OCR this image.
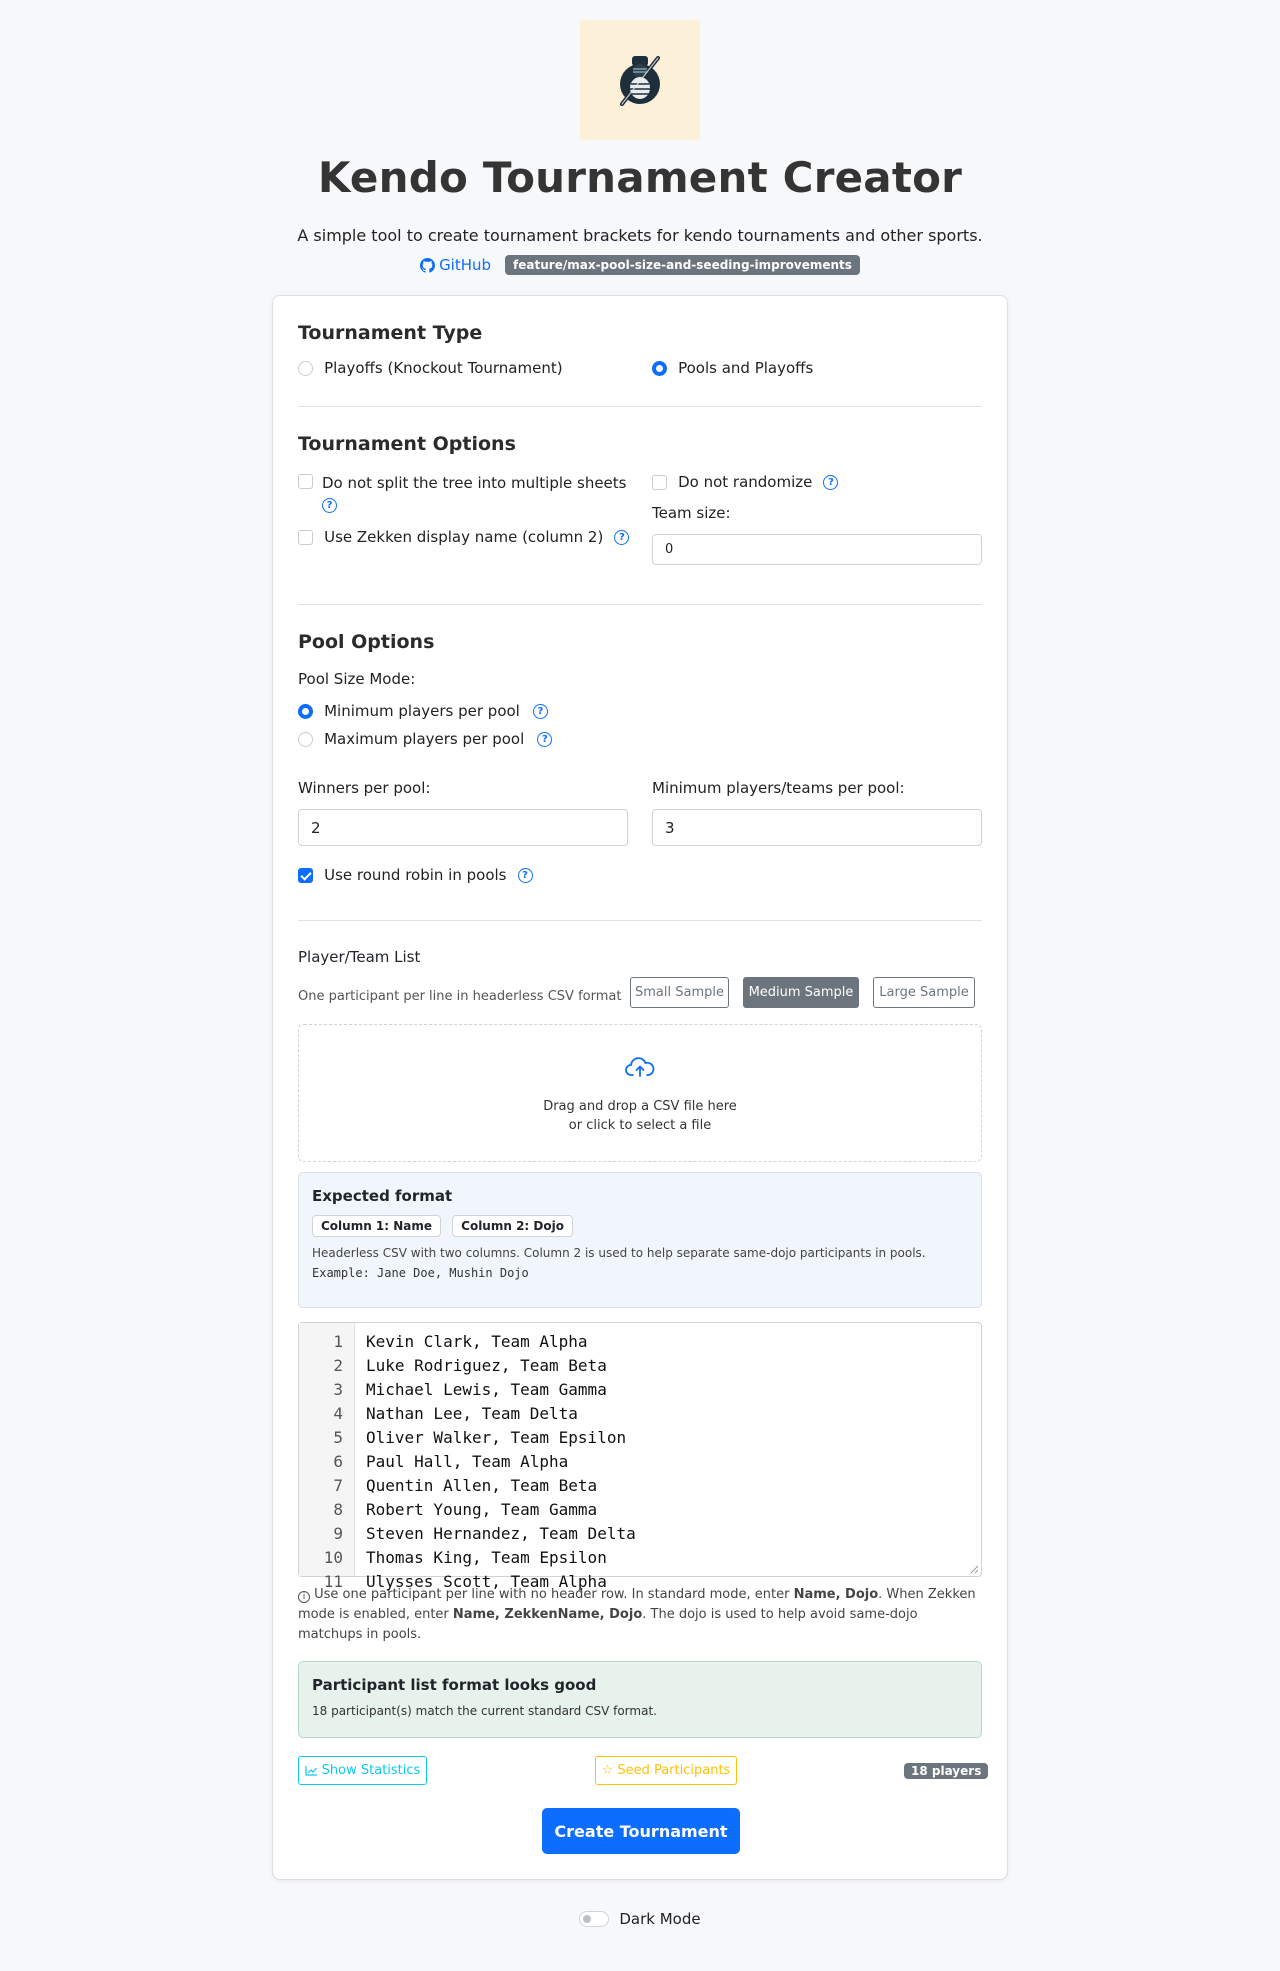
Kendo Tournament Creator
A simple tool to create tournament brackets for kendo tournaments and other sports.
GitHub	feature/max-pool-size-and-seeding-improvements
Tournament Type
Playoffs (Knockout Tournament)	Pools and Playoffs
Tournament Options
Do not split the tree into multiple sheets
?
Use Zekken display name (column 2) ?
Do not randomize ?
Team size:
0
Pool Options
Pool Size Mode:
Minimum players per pool ?
Maximum players per pool ?
Winners per pool:
2
Minimum players/teams per pool:
3
Use round robin in pools ?
Player/Team List
One participant per line in headerless CSV format	Small Sample	Medium Sample	Large Sample
Drag and drop a CSV file here
or click to select a file
Expected format
Column 1: Name Column 2: Dojo
Headerless CSV with two columns. Column 2 is used to help separate same-dojo participants in pools.
Example: Jane Doe, Mushin Dojo
1 Kevin Clark, Team Alpha
2 Luke Rodriguez, Team Beta
3 Michael Lewis, Team Gamma
4 Nathan Lee, Team Delta
5 Oliver Walker, Team Epsilon
6 Paul Hall, Team Alpha
7 Quentin Allen, Team Beta
8 Robert Young, Team Gamma
9 Steven Hernandez, Team Delta
10 Thomas King, Team Epsilon
11 Ulysses Scott, Team Alpha
i Use one participant per line with no header row. In standard mode, enter Name, Dojo. When Zekken mode is enabled, enter Name, ZekkenName, Dojo. The dojo is used to help avoid same-dojo matchups in pools.
Participant list format looks good
18 participant(s) match the current standard CSV format.
Show Statistics	☆ Seed Participants	18 players
Create Tournament
Dark Mode
